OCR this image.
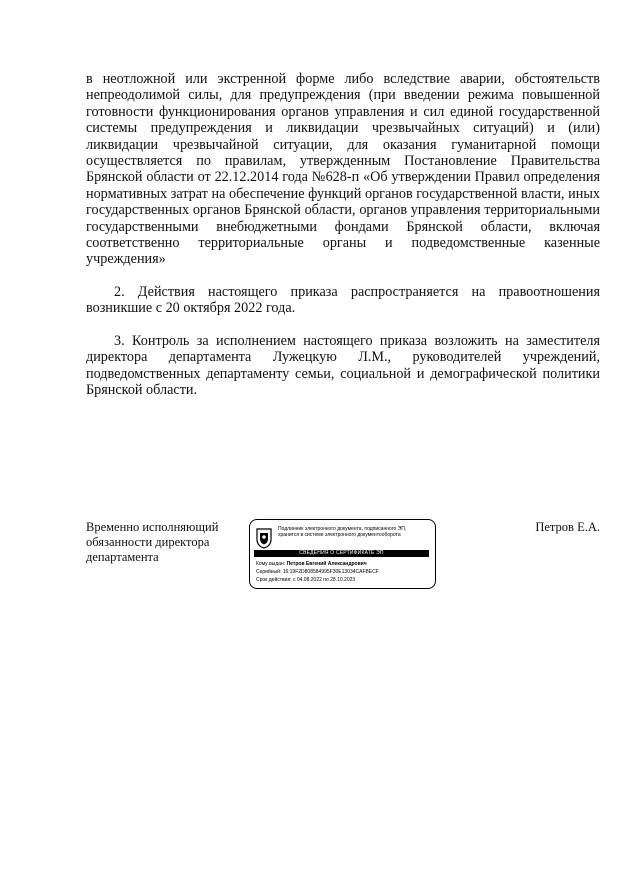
в неотложной или экстренной форме либо вследствие аварии, обстоятельств непреодолимой силы, для предупреждения (при введении режима повышенной готовности функционирования органов управления и сил единой государственной системы предупреждения и ликвидации чрезвычайных ситуаций) и (или) ликвидации чрезвычайной ситуации, для оказания гуманитарной помощи осуществляется по правилам, утвержденным Постановление Правительства Брянской области от 22.12.2014 года №628-п «Об утверждении Правил определения нормативных затрат на обеспечение функций органов государственной власти, иных государственных органов Брянской области, органов управления территориальными государственными внебюджетными фондами Брянской области, включая соответственно территориальные органы и подведомственные казенные учреждения»

2. Действия настоящего приказа распространяется на правоотношения возникшие с 20 октября 2022 года.

3. Контроль за исполнением настоящего приказа возложить на заместителя директора департамента Лужецкую Л.М., руководителей учреждений, подведомственных департаменту семьи, социальной и демографической политики Брянской области.

Временно исполняющий
обязанности директора
департамента
Подлинник электронного документа, подписанного ЭП,
хранится в системе электронного документооборота
СВЕДЕНИЯ О СЕРТИФИКАТЕ ЭП
Кому выдан: Петров Евгений Александрович
Серийный: 16:19F2D808584995F30E13034CAFBECF
Срок действия: с 04.08.2022 по 28.10.2023
Петров Е.А.
